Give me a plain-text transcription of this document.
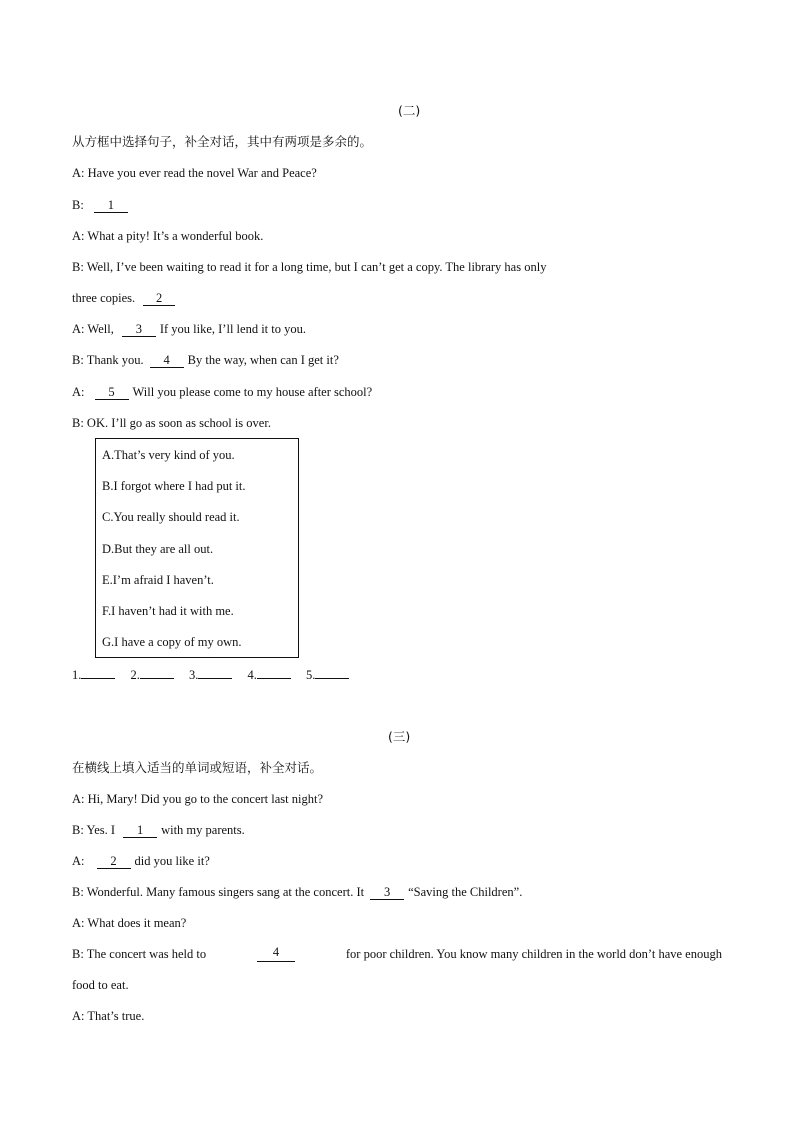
(二)
从方框中选择句子，补全对话，其中有两项是多余的。
A: Have you ever read the novel War and Peace?
B: 1
A: What a pity! It’s a wonderful book.
B: Well, I’ve been waiting to read it for a long time, but I can’t get a copy. The library has only
three copies. 2
A: Well, 3 If you like, I’ll lend it to you.
B: Thank you. 4 By the way, when can I get it?
A: 5 Will you please come to my house after school?
B: OK. I’ll go as soon as school is over.
A.That’s very kind of you.
B.I forgot where I had put it.
C.You really should read it.
D.But they are all out.
E.I’m afraid I haven’t.
F.I haven’t had it with me.
G.I have a copy of my own.
1.	2.	3.	4.	5.
(三)
在横线上填入适当的单词或短语，补全对话。
A: Hi, Mary! Did you go to the concert last night?
B: Yes. I 1 with my parents.
A: 2 did you like it?
B: Wonderful. Many famous singers sang at the concert. It 3 “Saving the Children”.
A: What does it mean?
B: The concert was held to	4	for poor children. You know many children in the world don’t have enough
food to eat.
A: That’s true.
